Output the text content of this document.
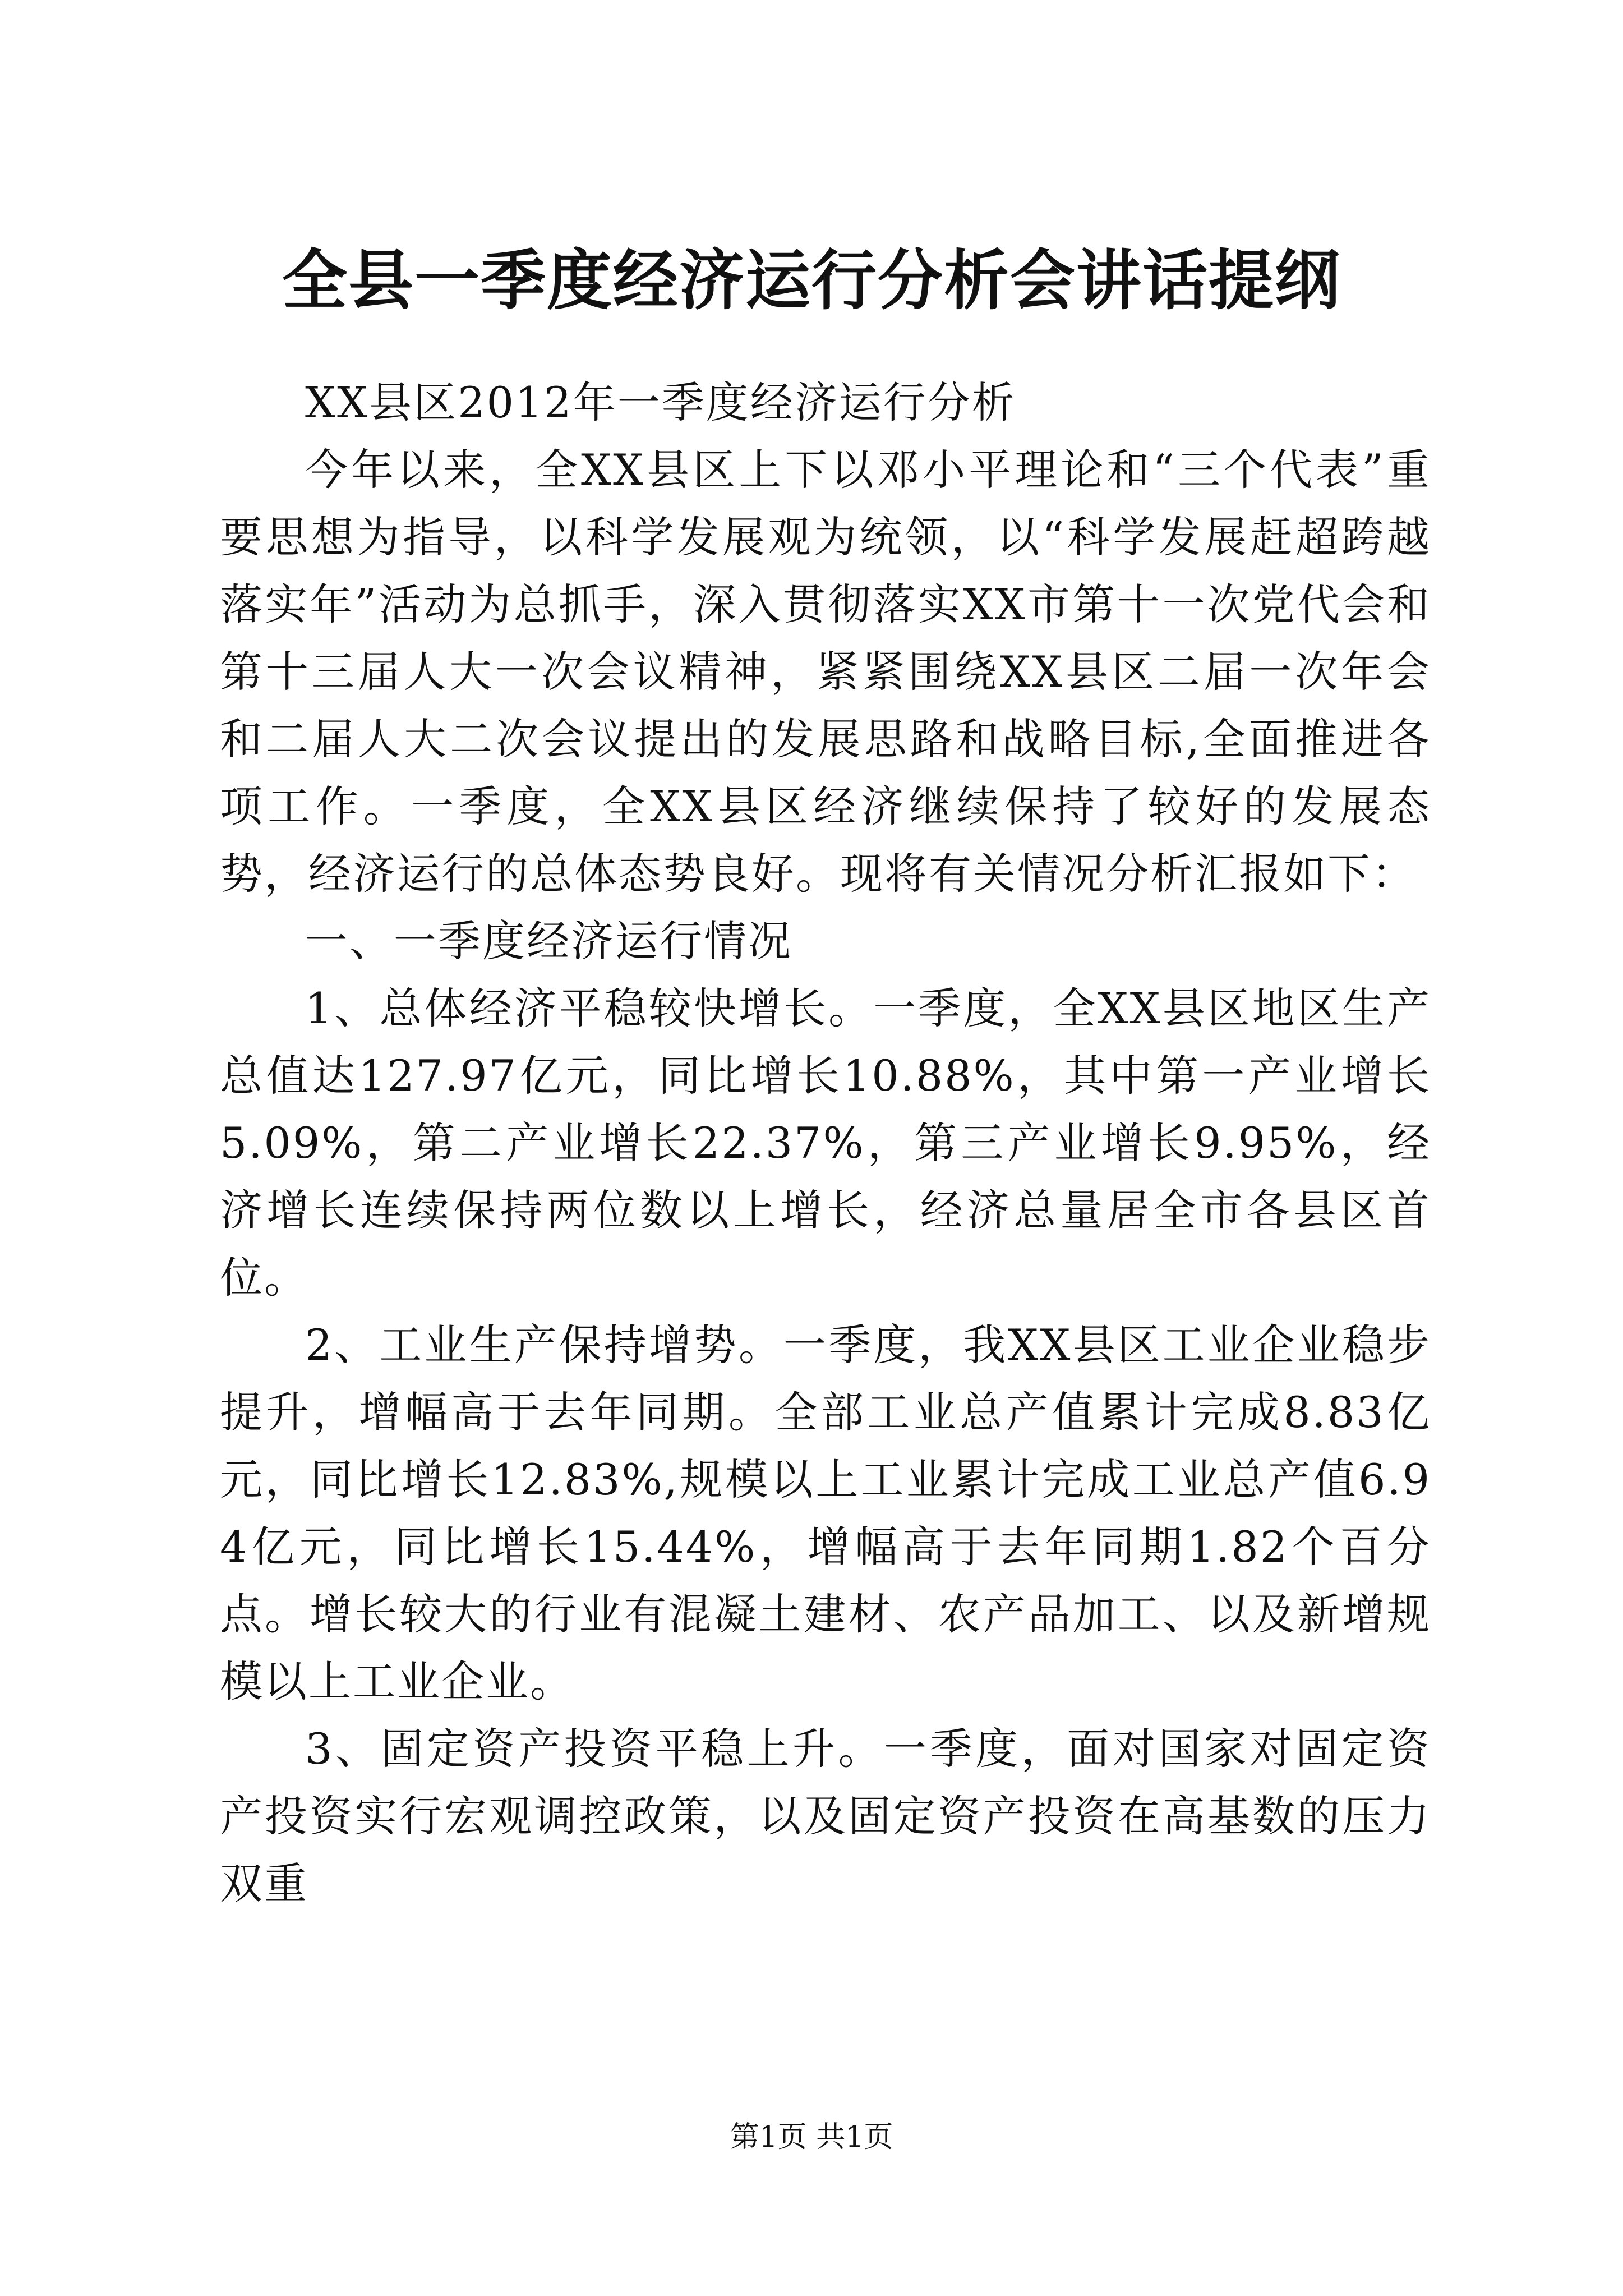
全县一季度经济运行分析会讲话提纲

XX县区2012年一季度经济运行分析

今年以来，全XX县区上下以邓小平理论和“三个代表”重要思想为指导，以科学发展观为统领，以“科学发展赶超跨越落实年”活动为总抓手，深入贯彻落实XX市第十一次党代会和第十三届人大一次会议精神，紧紧围绕XX县区二届一次年会和二届人大二次会议提出的发展思路和战略目标,全面推进各项工作。一季度，全XX县区经济继续保持了较好的发展态势，经济运行的总体态势良好。现将有关情况分析汇报如下：

一、一季度经济运行情况

1、总体经济平稳较快增长。一季度，全XX县区地区生产总值达127.97亿元，同比增长10.88%，其中第一产业增长5.09%，第二产业增长22.37%，第三产业增长9.95%，经济增长连续保持两位数以上增长，经济总量居全市各县区首位。

2、工业生产保持增势。一季度，我XX县区工业企业稳步提升，增幅高于去年同期。全部工业总产值累计完成8.83亿元，同比增长12.83%,规模以上工业累计完成工业总产值6.94亿元，同比增长15.44%，增幅高于去年同期1.82个百分点。增长较大的行业有混凝土建材、农产品加工、以及新增规模以上工业企业。

3、固定资产投资平稳上升。一季度，面对国家对固定资产投资实行宏观调控政策，以及固定资产投资在高基数的压力双重

第1页 共1页
